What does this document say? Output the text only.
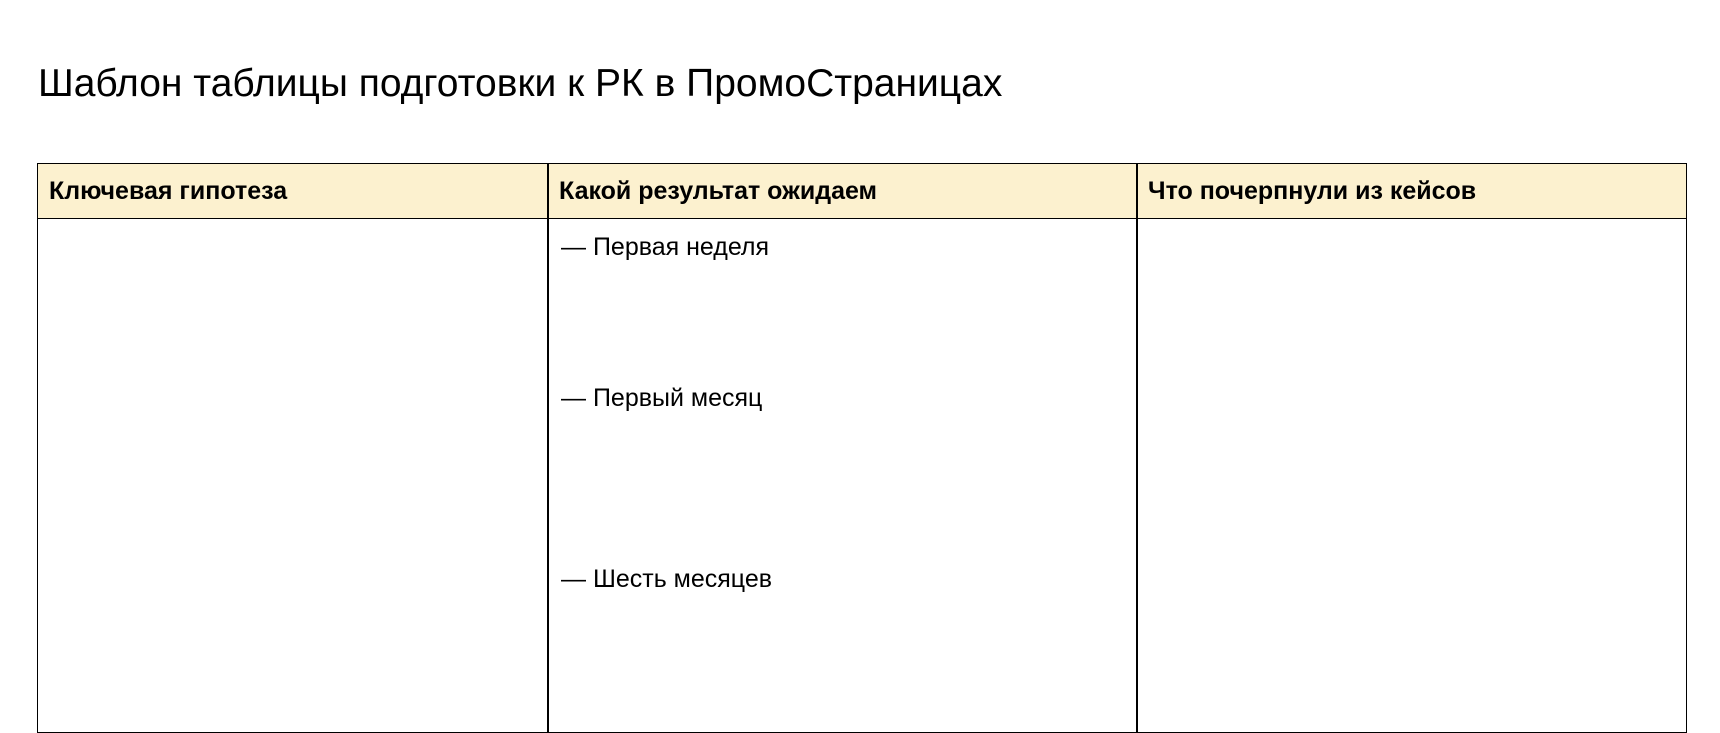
Шаблон таблицы подготовки к РК в ПромоСтраницах
Ключевая гипотеза	Какой результат ожидаем	Что почерпнули из кейсов
— Первая неделя
— Первый месяц
— Шесть месяцев
